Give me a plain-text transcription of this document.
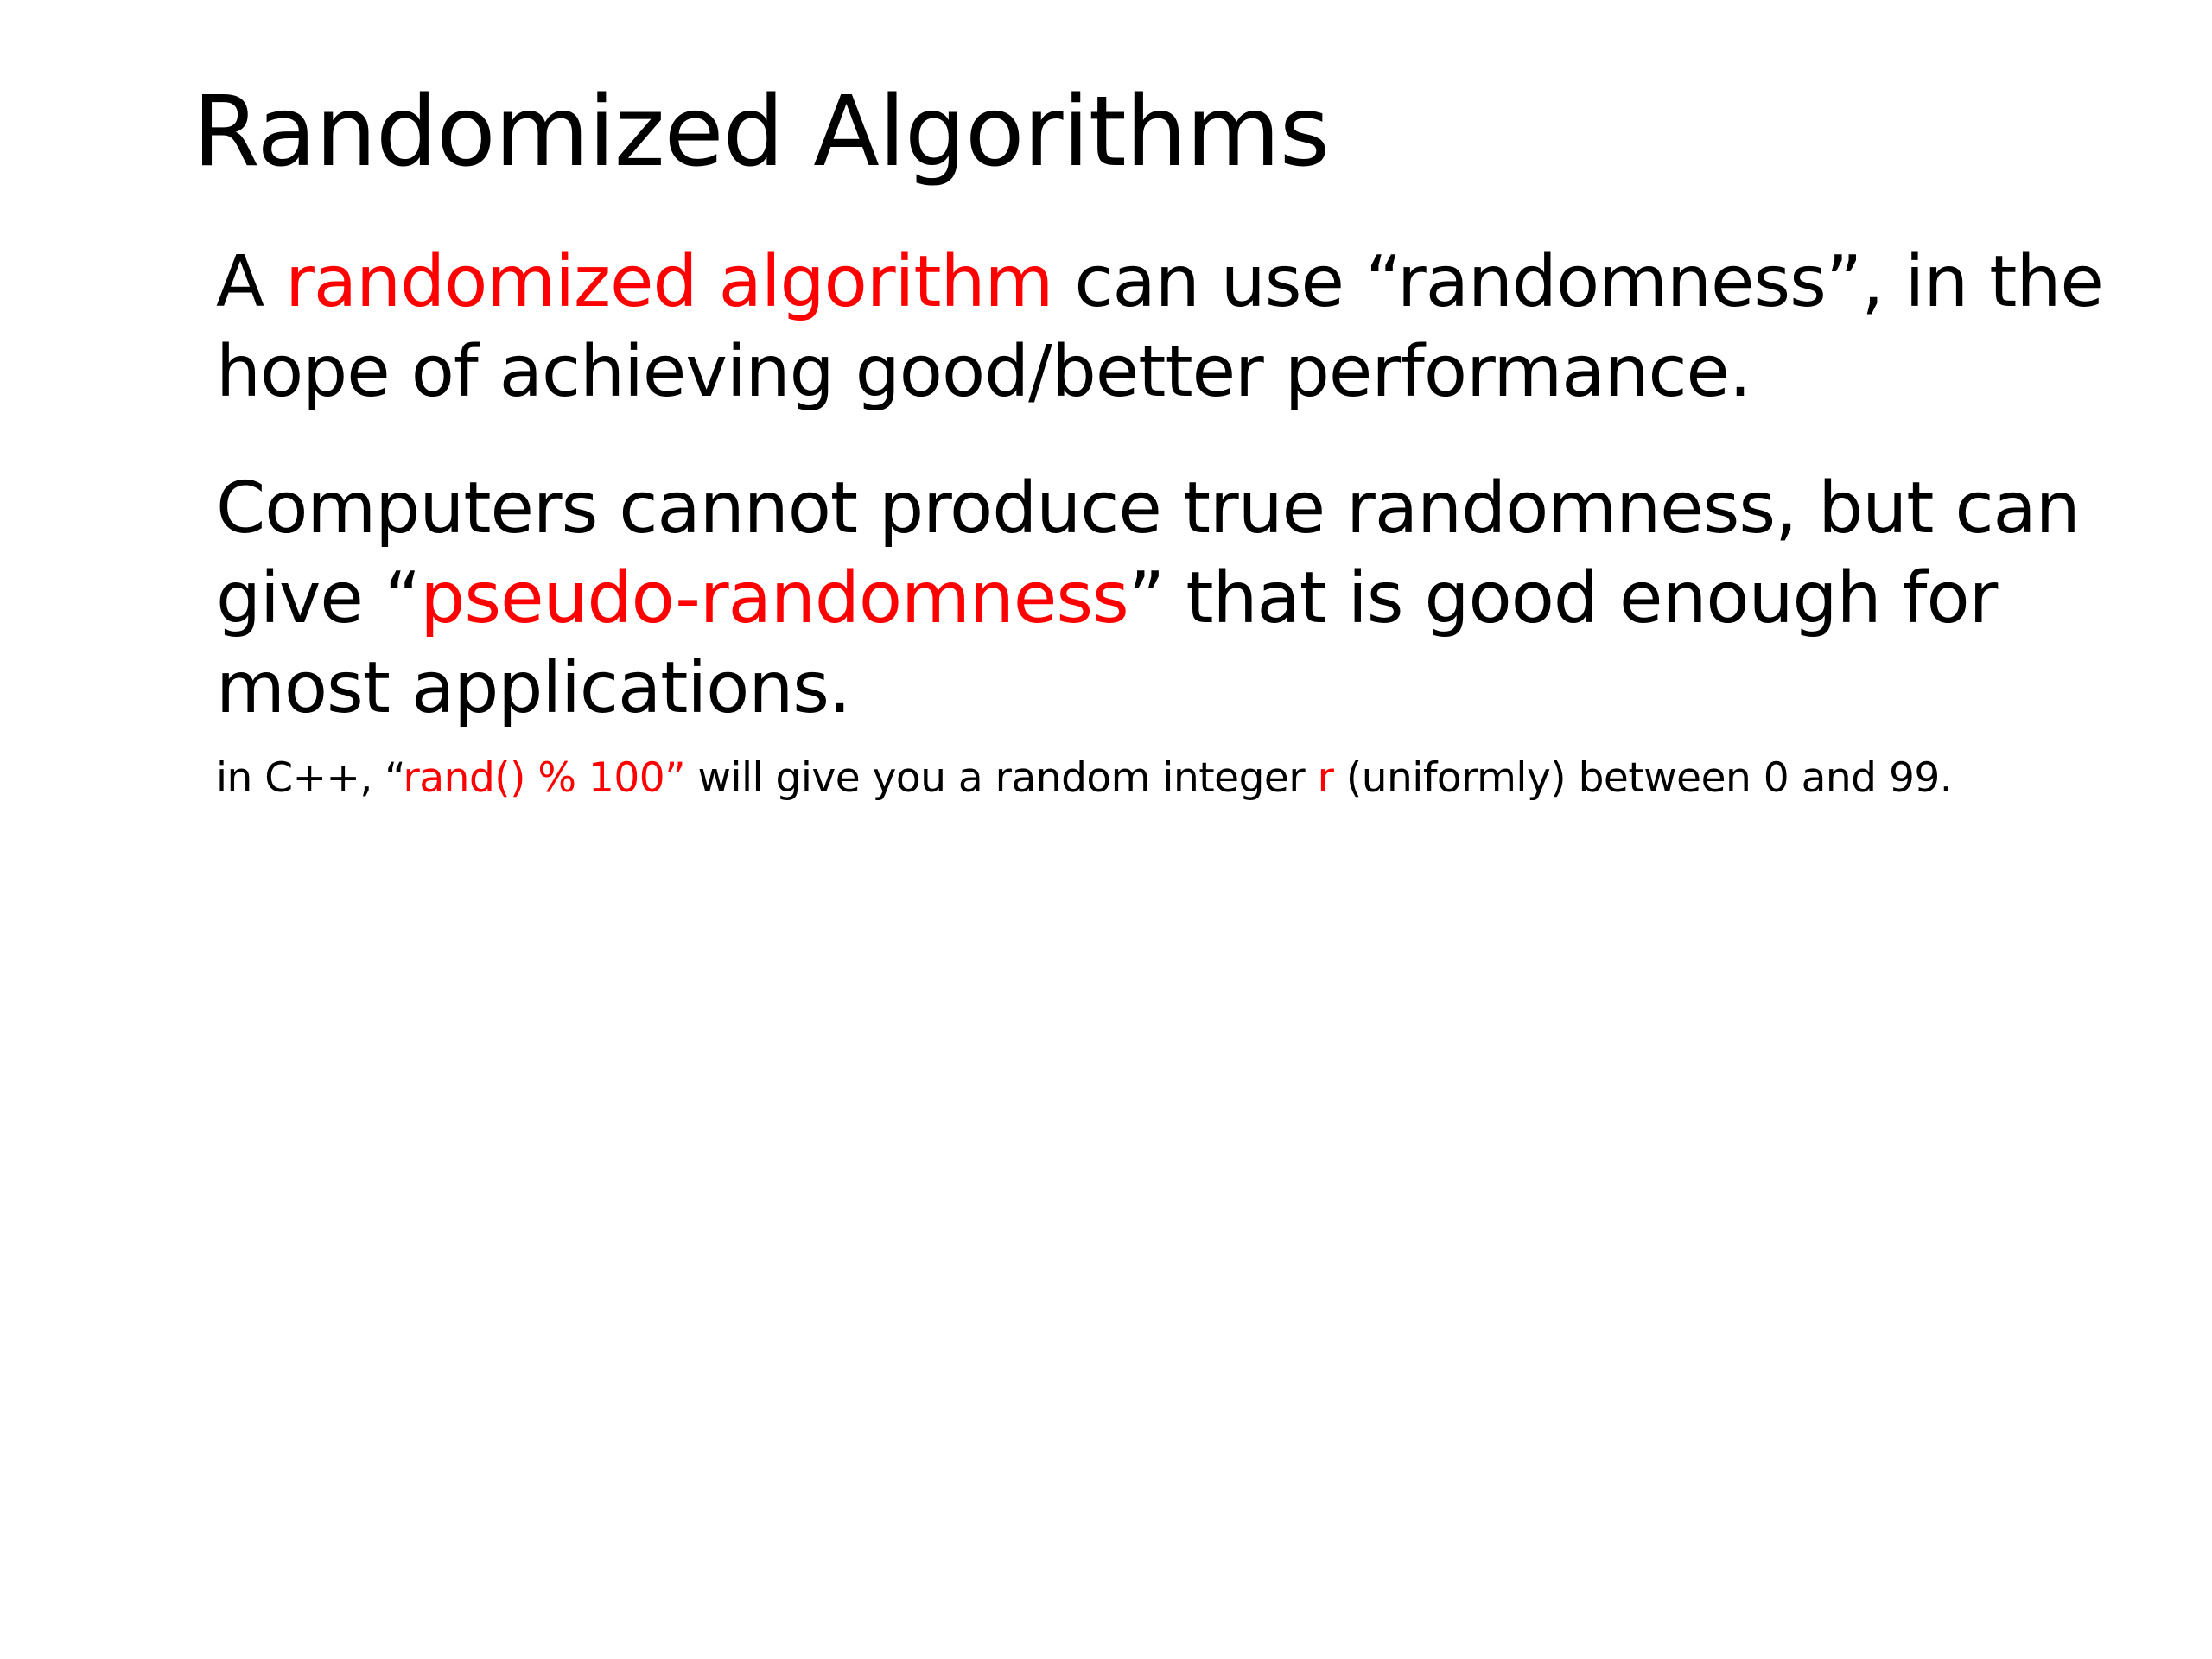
Randomized Algorithms
A randomized algorithm can use “randomness”, in the
hope of achieving good/better performance.
Computers cannot produce true randomness, but can
give “pseudo-randomness” that is good enough for
most applications.
in C++, “rand() % 100” will give you a random integer r (uniformly) between 0 and 99.
